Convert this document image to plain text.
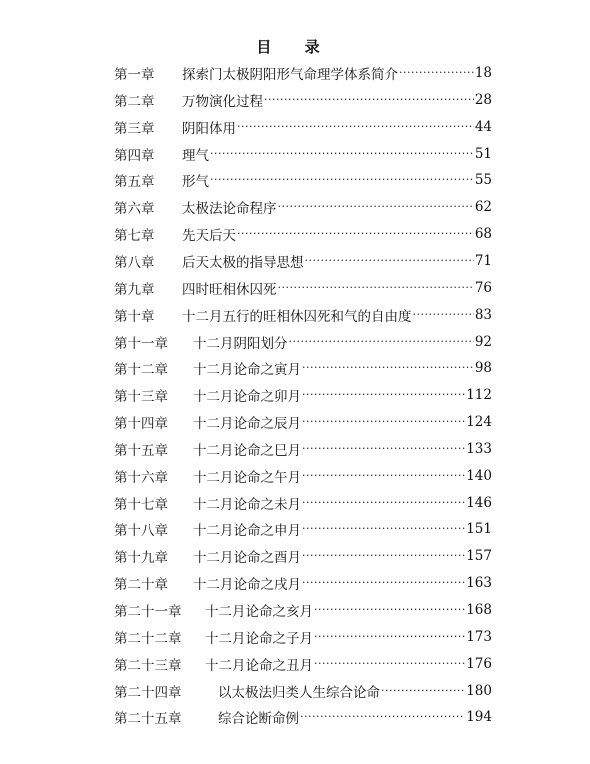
目 录
第一章 探索门太极阴阳形气命理学体系简介 ·····	18
第二章 万物演化过程 ·····	28
第三章 阴阳体用 ·····	44
第四章 理气 ·····	51
第五章 形气 ·····	55
第六章 太极法论命程序 ·····	62
第七章 先天后天 ·····	68
第八章 后天太极的指导思想 ·····	71
第九章 四时旺相休囚死 ·····	76
第十章 十二月五行的旺相休囚死和气的自由度 ·····	83
第十一章 十二月阴阳划分 ·····	92
第十二章 十二月论命之寅月 ·····	98
第十三章 十二月论命之卯月 ·····	112
第十四章 十二月论命之辰月 ·····	124
第十五章 十二月论命之巳月 ·····	133
第十六章 十二月论命之午月 ·····	140
第十七章 十二月论命之未月 ·····	146
第十八章 十二月论命之申月 ·····	151
第十九章 十二月论命之酉月 ·····	157
第二十章 十二月论命之戌月 ·····	163
第二十一章 十二月论命之亥月 ·····	168
第二十二章 十二月论命之子月 ·····	173
第二十三章 十二月论命之丑月 ·····	176
第二十四章	以太极法归类人生综合论命 ·····	180
第二十五章	综合论断命例 ·····	194
